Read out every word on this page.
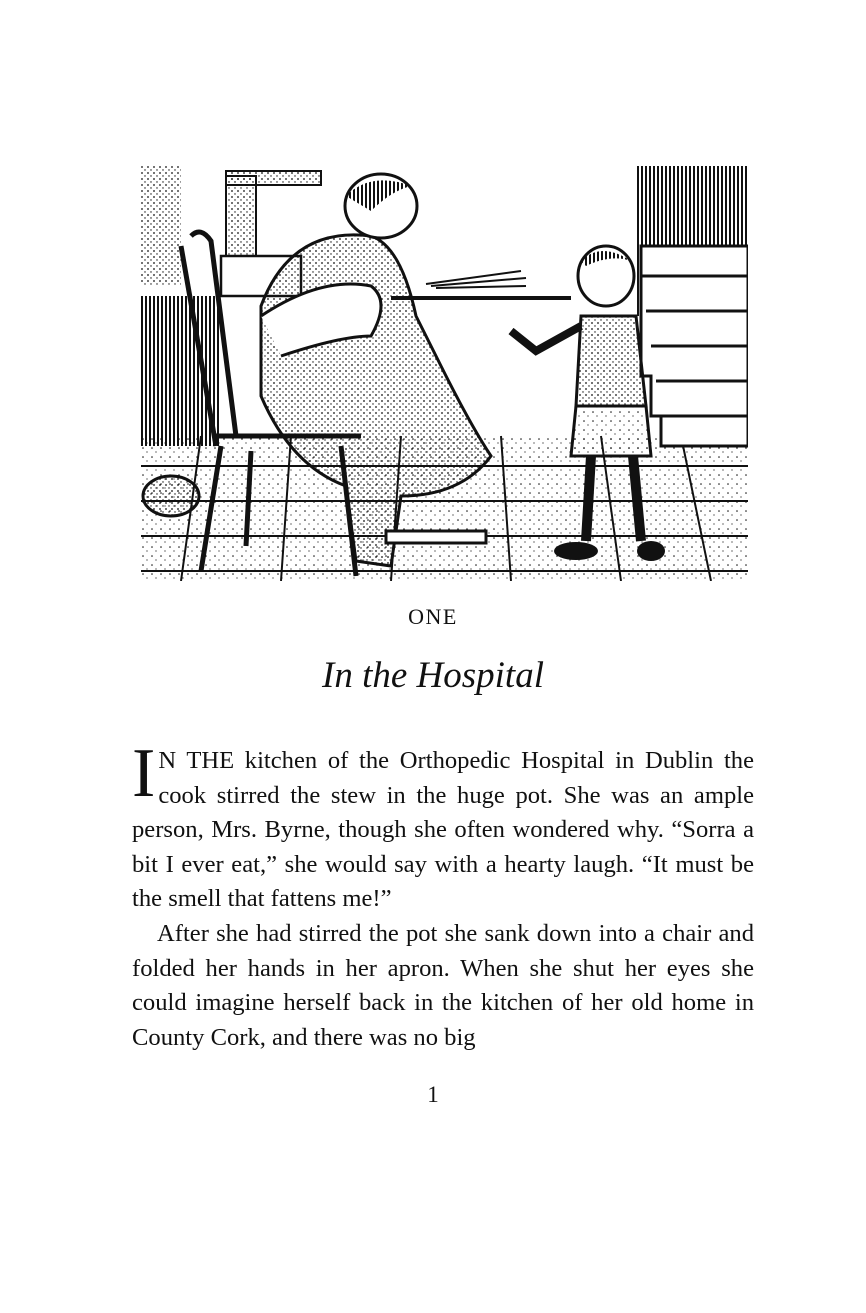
ONE
In the Hospital

I N THE kitchen of the Orthopedic Hospital in Dublin the cook stirred the stew in the huge pot. She was an ample person, Mrs. Byrne, though she often wondered why. “Sorra a bit I ever eat,” she would say with a hearty laugh. “It must be the smell that fattens me!”

After she had stirred the pot she sank down into a chair and folded her hands in her apron. When she shut her eyes she could imagine herself back in the kitchen of her old home in County Cork, and there was no big

1
